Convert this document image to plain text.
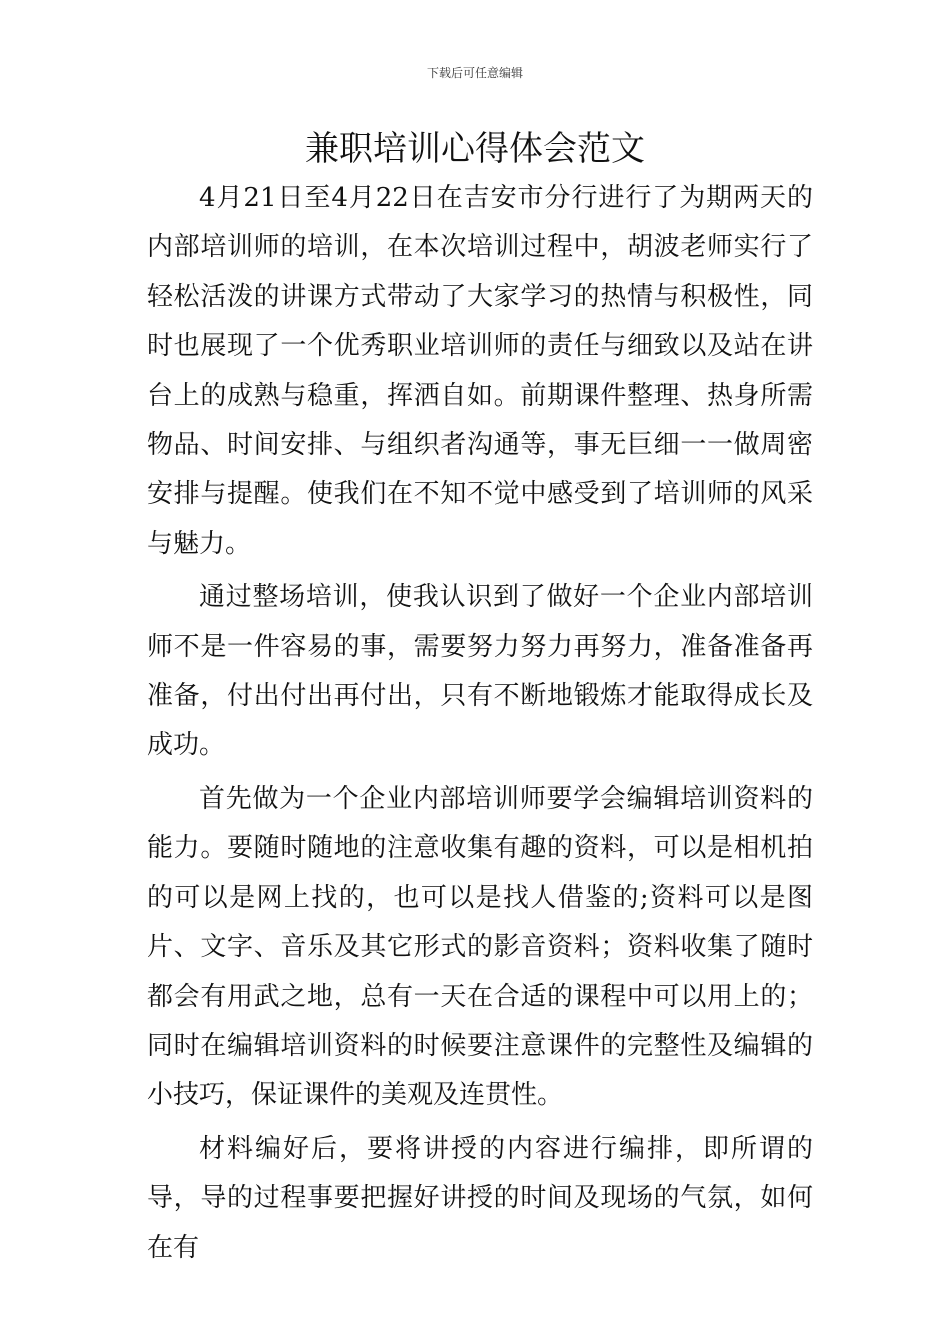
下载后可任意编辑
兼职培训心得体会范文

4月21日至4月22日在吉安市分行进行了为期两天的内部培训师的培训，在本次培训过程中，胡波老师实行了轻松活泼的讲课方式带动了大家学习的热情与积极性，同时也展现了一个优秀职业培训师的责任与细致以及站在讲台上的成熟与稳重，挥洒自如。前期课件整理、热身所需物品、时间安排、与组织者沟通等，事无巨细一一做周密安排与提醒。使我们在不知不觉中感受到了培训师的风采与魅力。

通过整场培训，使我认识到了做好一个企业内部培训师不是一件容易的事，需要努力努力再努力，准备准备再准备，付出付出再付出，只有不断地锻炼才能取得成长及成功。

首先做为一个企业内部培训师要学会编辑培训资料的能力。要随时随地的注意收集有趣的资料，可以是相机拍的可以是网上找的，也可以是找人借鉴的;资料可以是图片、文字、音乐及其它形式的影音资料；资料收集了随时都会有用武之地，总有一天在合适的课程中可以用上的；同时在编辑培训资料的时候要注意课件的完整性及编辑的小技巧，保证课件的美观及连贯性。

材料编好后，要将讲授的内容进行编排，即所谓的导，导的过程事要把握好讲授的时间及现场的气氛，如何在有
